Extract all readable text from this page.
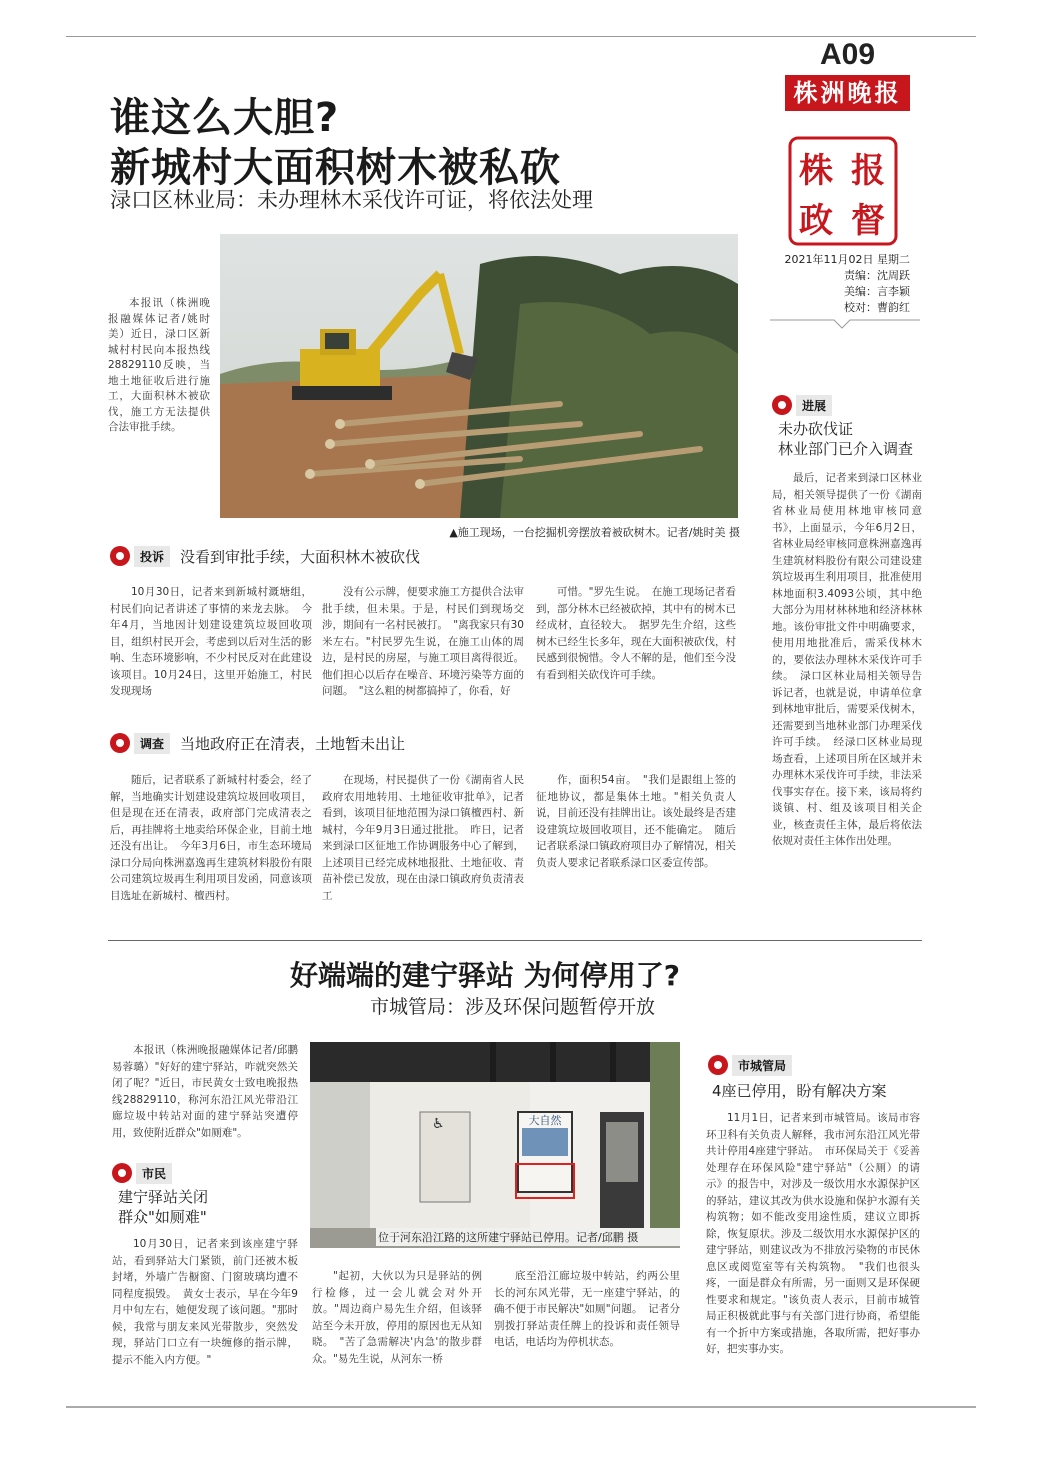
A09
株洲晚报
株 报
政 督
2021年11月02日 星期二
责编：沈周跃
美编：言李颖
校对：曹韵红
谁这么大胆?
新城村大面积树木被私砍
渌口区林业局：未办理林木采伐许可证，将依法处理

本报讯（株洲晚报融媒体记者/姚时美）近日，渌口区新城村村民向本报热线28829110反映，当地土地征收后进行施工，大面积林木被砍伐，施工方无法提供合法审批手续。

▲施工现场，一台挖掘机旁摆放着被砍树木。记者/姚时美 摄
投诉	没看到审批手续，大面积林木被砍伐

10月30日，记者来到新城村溉塘组，村民们向记者讲述了事情的来龙去脉。　今年4月，当地因计划建设建筑垃圾回收项目，组织村民开会，考虑到以后对生活的影响、生态环境影响，不少村民反对在此建设该项目。10月24日，这里开始施工，村民发现现场

没有公示牌，便要求施工方提供合法审批手续，但未果。于是，村民们到现场交涉，期间有一名村民被打。　"离我家只有30米左右。"村民罗先生说，在施工山体的周边，是村民的房屋，与施工项目离得很近。他们担心以后存在噪音、环境污染等方面的问题。　"这么粗的树都搞掉了，你看，好

可惜。"罗先生说。　在施工现场记者看到，部分林木已经被砍掉，其中有的树木已经成材，直径较大。　据罗先生介绍，这些树木已经生长多年，现在大面积被砍伐，村民感到很惋惜。令人不解的是，他们至今没有看到相关砍伐许可手续。

调查	当地政府正在清表，土地暂未出让

随后，记者联系了新城村村委会，经了解，当地确实计划建设建筑垃圾回收项目，但是现在还在清表，政府部门完成清表之后，再挂牌将土地卖给环保企业，目前土地还没有出让。　今年3月6日，市生态环境局渌口分局向株洲嘉逸再生建筑材料股份有限公司建筑垃圾再生利用项目发函，同意该项目选址在新城村、檀西村。

在现场，村民提供了一份《湖南省人民政府农用地转用、土地征收审批单》，记者看到，该项目征地范围为渌口镇檀西村、新城村，今年9月3日通过批批。　昨日，记者来到渌口区征地工作协调服务中心了解到，上述项目已经完成林地报批、土地征收、青苗补偿已发放，现在由渌口镇政府负责清表工

作，面积54亩。　"我们是跟组上签的征地协议，都是集体土地。"相关负责人说，目前还没有挂牌出让。该处最终是否建设建筑垃圾回收项目，还不能确定。　随后记者联系渌口镇政府项目办了解情况，相关负责人要求记者联系渌口区委宣传部。

进展
未办砍伐证
林业部门已介入调查

最后，记者来到渌口区林业局，相关领导提供了一份《湖南省林业局使用林地审核同意书》，上面显示，今年6月2日，省林业局经审核同意株洲嘉逸再生建筑材料股份有限公司建设建筑垃圾再生利用项目，批准使用林地面积3.4093公顷，其中绝大部分为用材林林地和经济林林地。该份审批文件中明确要求，使用用地批准后，需采伐林木的，要依法办理林木采伐许可手续。　渌口区林业局相关领导告诉记者，也就是说，申请单位拿到林地审批后，需要采伐树木，还需要到当地林业部门办理采伐许可手续。　经渌口区林业局现场查看，上述项目所在区域并未办理林木采伐许可手续，非法采伐事实存在。接下来，该局将约谈镇、村、组及该项目相关企业，核查责任主体，最后将依法依规对责任主体作出处理。

好端端的建宁驿站 为何停用了?
市城管局：涉及环保问题暂停开放

本报讯（株洲晚报融媒体记者/邱鹏 易蓉璐）"好好的建宁驿站，咋就突然关闭了呢？"近日，市民黄女士致电晚报热线28829110，称河东沿江风光带沿江廊垃圾中转站对面的建宁驿站突遭停用，致使附近群众"如厕难"。

市民
建宁驿站关闭
群众"如厕难"

10月30日，记者来到该座建宁驿站，看到驿站大门紧锁，前门还被木板封堵，外墙广告橱窗、门窗玻璃均遭不同程度损毁。　黄女士表示，早在今年9月中旬左右，她便发现了该问题。"那时候，我常与朋友来风光带散步，突然发现，驿站门口立有一块缠修的指示牌，提示不能入内方便。"

♿	大自然
位于河东沿江路的这所建宁驿站已停用。记者/邱鹏 摄

"起初，大伙以为只是驿站的例行检修，过一会儿就会对外开放。"周边商户易先生介绍，但该驿站至今未开放，停用的原因也无从知晓。　"苦了急需解决'内急'的散步群众。"易先生说，从河东一桥

底至沿江廊垃圾中转站，约两公里长的河东风光带，无一座建宁驿站，的确不便于市民解决"如厕"问题。　记者分别拨打驿站责任牌上的投诉和责任领导电话，电话均为停机状态。

市城管局
4座已停用，盼有解决方案

11月1日，记者来到市城管局。该局市容环卫科有关负责人解释，我市河东沿江风光带共计停用4座建宁驿站。　市环保局关于《妥善处理存在环保风险"建宁驿站"（公厕）的请示》的报告中，对涉及一级饮用水水源保护区的驿站，建议其改为供水设施和保护水源有关构筑物；如不能改变用途性质，建议立即拆除，恢复原状。涉及二级饮用水水源保护区的建宁驿站，则建议改为不排放污染物的市民休息区或阅览室等有关构筑物。　"我们也很头疼，一面是群众有所需，另一面则又是环保硬性要求和规定。"该负责人表示，目前市城管局正积极就此事与有关部门进行协商，希望能有一个折中方案或措施，各取所需，把好事办好，把实事办实。
